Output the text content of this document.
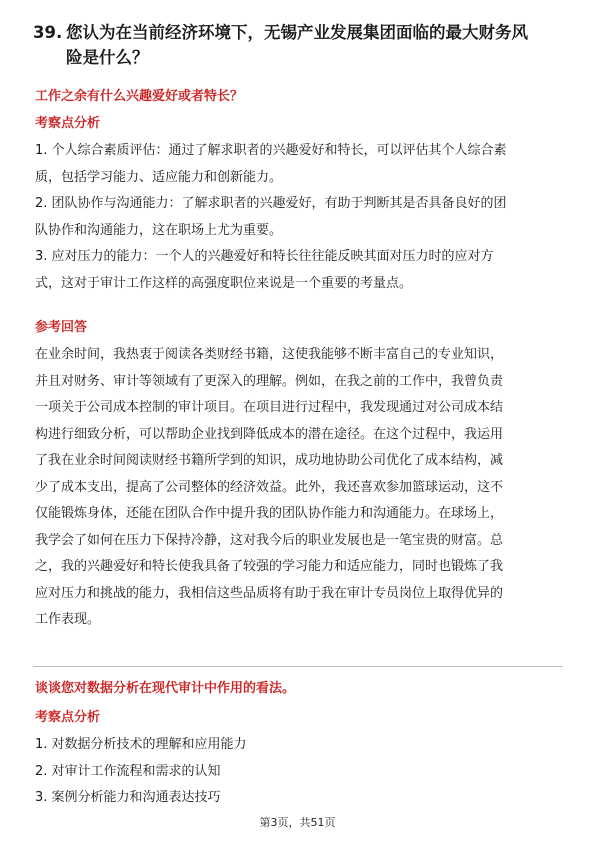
39. 您认为在当前经济环境下，无锡产业发展集团面临的最大财务风
险是什么？
工作之余有什么兴趣爱好或者特长？
考察点分析
1. 个人综合素质评估：通过了解求职者的兴趣爱好和特长，可以评估其个人综合素
质，包括学习能力、适应能力和创新能力。
2. 团队协作与沟通能力：了解求职者的兴趣爱好，有助于判断其是否具备良好的团
队协作和沟通能力，这在职场上尤为重要。
3. 应对压力的能力：一个人的兴趣爱好和特长往往能反映其面对压力时的应对方
式，这对于审计工作这样的高强度职位来说是一个重要的考量点。
参考回答
在业余时间，我热衷于阅读各类财经书籍，这使我能够不断丰富自己的专业知识，
并且对财务、审计等领域有了更深入的理解。例如，在我之前的工作中，我曾负责
一项关于公司成本控制的审计项目。在项目进行过程中，我发现通过对公司成本结
构进行细致分析，可以帮助企业找到降低成本的潜在途径。在这个过程中，我运用
了我在业余时间阅读财经书籍所学到的知识，成功地协助公司优化了成本结构，减
少了成本支出，提高了公司整体的经济效益。此外，我还喜欢参加篮球运动，这不
仅能锻炼身体，还能在团队合作中提升我的团队协作能力和沟通能力。在球场上，
我学会了如何在压力下保持冷静，这对我今后的职业发展也是一笔宝贵的财富。总
之，我的兴趣爱好和特长使我具备了较强的学习能力和适应能力，同时也锻炼了我
应对压力和挑战的能力，我相信这些品质将有助于我在审计专员岗位上取得优异的
工作表现。
谈谈您对数据分析在现代审计中作用的看法。
考察点分析
1. 对数据分析技术的理解和应用能力
2. 对审计工作流程和需求的认知
3. 案例分析能力和沟通表达技巧
第3页，共51页
